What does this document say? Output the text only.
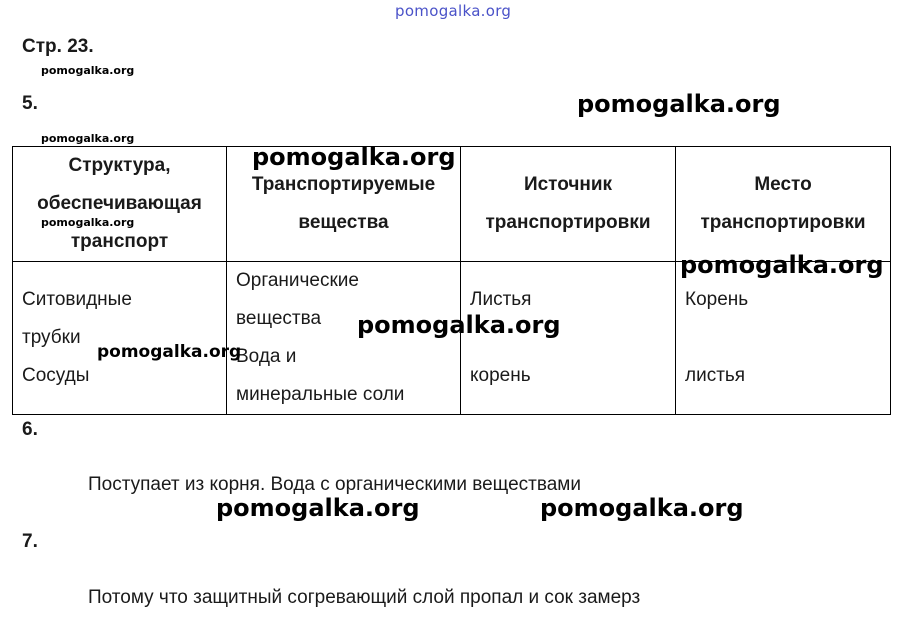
pomogalka.org
Стр. 23.
pomogalka.org
5.	pomogalka.org
pomogalka.org
Структура,
обеспечивающая
транспорт	Транспортируемые
вещества	Источник
транспортировки	Место
транспортировки

Ситовидные
трубки
Сосуды	Органические
вещества
Вода и
минеральные соли	Листья
корень	Корень
листья
pomogalka.org
pomogalka.org
pomogalka.org
pomogalka.org
pomogalka.org
6.
Поступает из корня. Вода с органическими веществами
pomogalka.org	pomogalka.org
7.
Потому что защитный согревающий слой пропал и сок замерз
